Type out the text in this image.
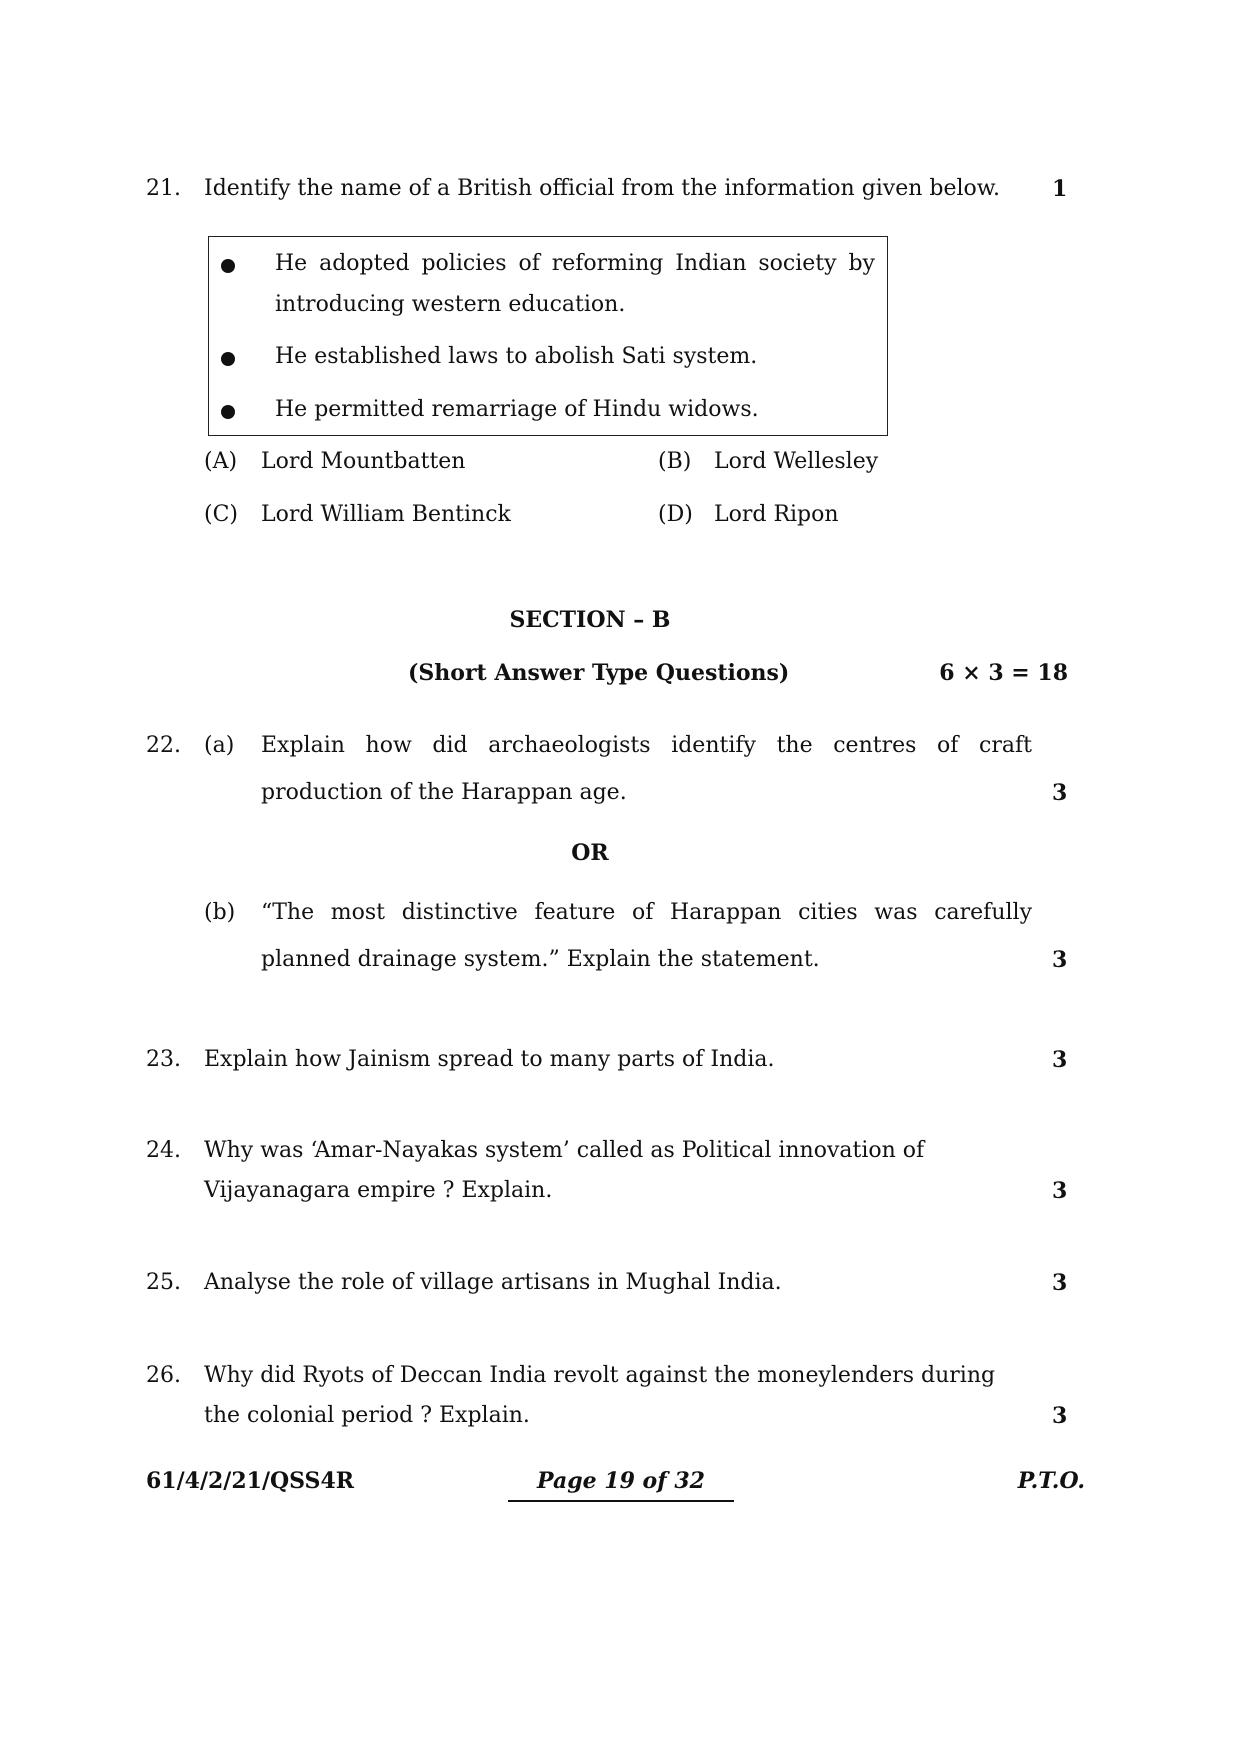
21. Identify the name of a British official from the information given below. 1
He adopted policies of reforming Indian society by
introducing western education.
He established laws to abolish Sati system.
He permitted remarriage of Hindu widows.
(A) Lord Mountbatten	(B) Lord Wellesley
(C) Lord William Bentinck	(D) Lord Ripon
SECTION – B
(Short Answer Type Questions)	6 × 3 = 18
22. (a) Explain how did archaeologists identify the centres of craft
production of the Harappan age.	3
OR
(b) “The most distinctive feature of Harappan cities was carefully
planned drainage system.” Explain the statement.	3
23. Explain how Jainism spread to many parts of India.	3
24. Why was ‘Amar-Nayakas system’ called as Political innovation of
Vijayanagara empire ? Explain.	3
25. Analyse the role of village artisans in Mughal India.	3
26. Why did Ryots of Deccan India revolt against the moneylenders during
the colonial period ? Explain.	3
61/4/2/21/QSS4R	Page 19 of 32	P.T.O.
